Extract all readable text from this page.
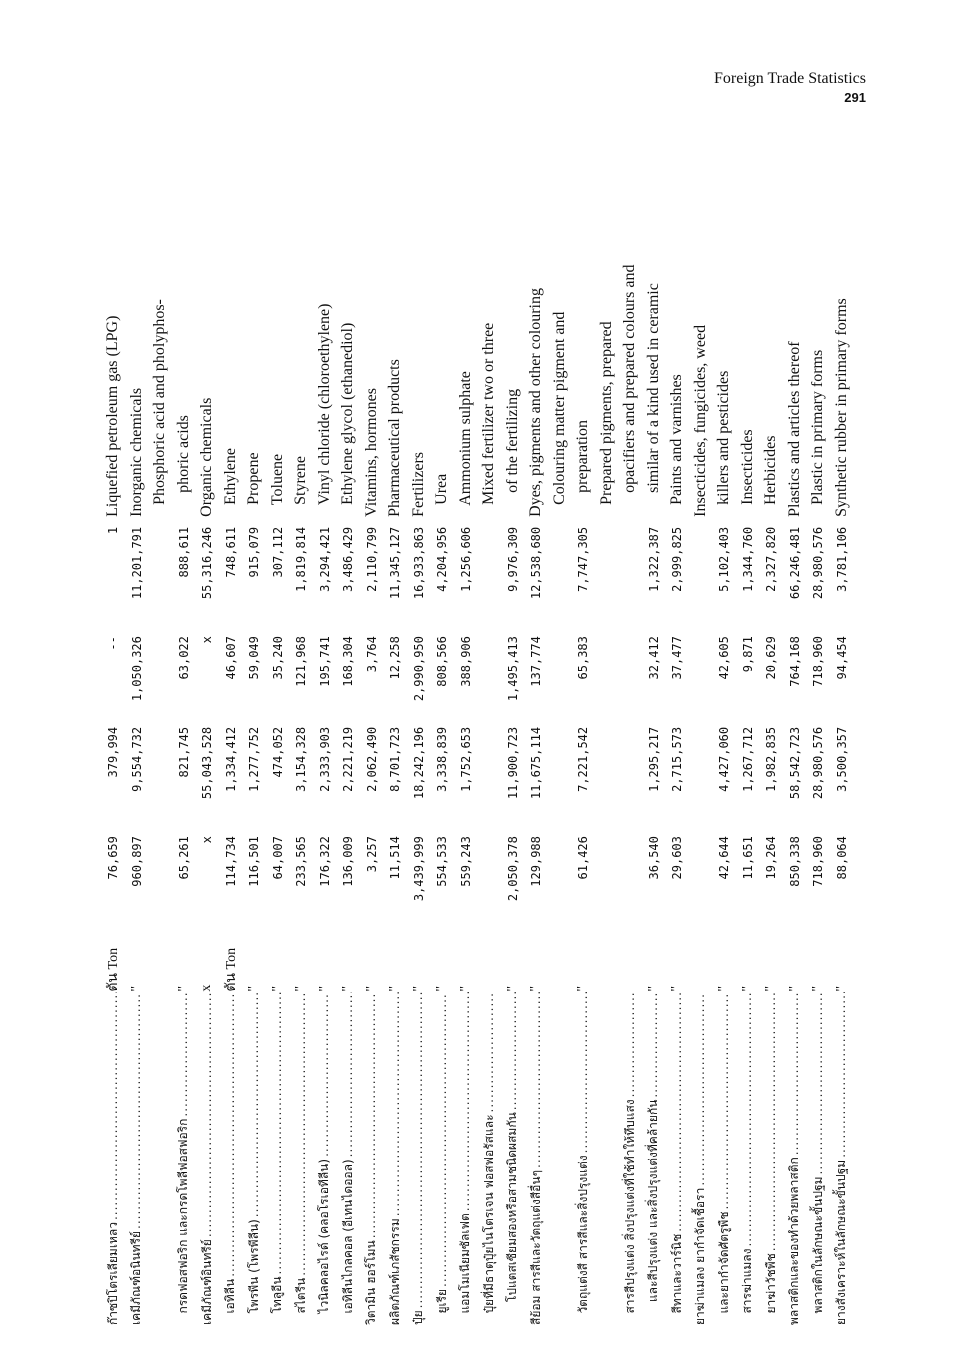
Foreign Trade Statistics
291
ก๊าซปิโตรเลียมเหลว .....
ตัน Ton
76,659
379,994
--
1
Liquefied petroleum gas (LPG)
เคมีภัณฑ์อนินทรีย์ .....
"
960,897
9,554,732
1,050,326
11,201,791
Inorganic chemicals Phosphoric acid and pholyphos-
กรดฟอสฟอริก และกรดโพลีฟอสฟอริก .....
"
65,261
821,745
63,022
888,611
phoric acids
เคมีภัณฑ์อินทรีย์ .....
x
x
55,043,528
x
55,316,246
Organic chemicals
เอทิลีน .....
ตัน Ton
114,734
1,334,412
46,607
748,611
Ethylene
โพรพีน (โพรพีลีน) .....
"
116,501
1,277,752
59,049
915,079
Propene
โทลูอีน .....
"
64,007
474,052
35,240
307,112
Toluene
สไตรีน .....
"
233,565
3,154,328
121,968
1,819,814
Styrene
ไวนิลคลอไรด์ (คลอโรเอทีลีน) .....
"
176,322
2,333,903
195,741
3,294,421
Vinyl chloride (chloroethylene)
เอทิลีนไกลคอล (อีเทนไดออล) .....
"
136,009
2,221,219
168,304
3,486,429
Ethylene glycol (ethanediol)
วิตามิน ฮอร์โมน .....
"
3,257
2,062,490
3,764
2,110,799
Vitamins, hormones
ผลิตภัณฑ์เภสัชกรรม .....
"
11,514
8,701,723
12,258
11,345,127
Pharmaceutical products
ปุ๋ย .....
"
3,439,999
18,242,196
2,990,950
16,933,863
Fertilizers
ยูเรีย .....
"
554,533
3,338,839
808,566
4,204,956
Urea
แอมโมเนียมซัลเฟต .....
"
559,243
1,752,653
388,906
1,256,606
Ammonium sulphate
ปุ๋ยที่มีธาตุปุ๋ยไนโตรเจน ฟอสฟอรัสและ .....
Mixed fertilizer two or three
โปแตสเซียมสองหรือสามชนิดผสมกัน .....
"
2,050,378
11,900,723
1,495,413
9,976,309
of the fertilizing
สีย้อม สารสีและวัตถุแต่งสีอื่นๆ .....
"
129,988
11,675,114
137,774
12,538,680
Dyes, pigments and other colouring Colouring matter pigment and
วัตถุแต่งสี สารสีและสิ่งปรุงแต่ง .....
"
61,426
7,221,542
65,383
7,747,305
preparation Prepared pigments, prepared
สารสีปรุงแต่ง สิ่งปรุงแต่งที่ใช้ทำให้ทึบแสง .....
opacifiers and prepared colours and
และสีปรุงแต่ง และสิ่งปรุงแต่งที่คล้ายกัน .....
"
36,540
1,295,217
32,412
1,322,387
similar of a kind used in ceramic
สีทาและวาร์นิช .....
"
29,603
2,715,573
37,477
2,999,825
Paints and varnishes
ยาฆ่าแมลง ยากำจัดเชื้อรา .....
Insecticides, fungicides, weed
และยากำจัดศัตรูพืช .....
"
42,644
4,427,060
42,605
5,102,403
killers and pesticides
สารฆ่าแมลง .....
"
11,651
1,267,712
9,871
1,344,760
Insecticides
ยาฆ่าวัชพืช .....
"
19,264
1,982,835
20,629
2,327,820
Herbicides
พลาสติกและของทำด้วยพลาสติก .....
"
850,338
58,542,723
764,168
66,246,481
Plastics and articles thereof
พลาสติกในลักษณะขั้นปฐม .....
"
718,960
28,980,576
718,960
28,980,576
Plastic in primary forms
ยางสังเคราะห์ในลักษณะขั้นปฐม .....
"
88,064
3,500,357
94,454
3,781,106
Synthetic rubber in primary forms
